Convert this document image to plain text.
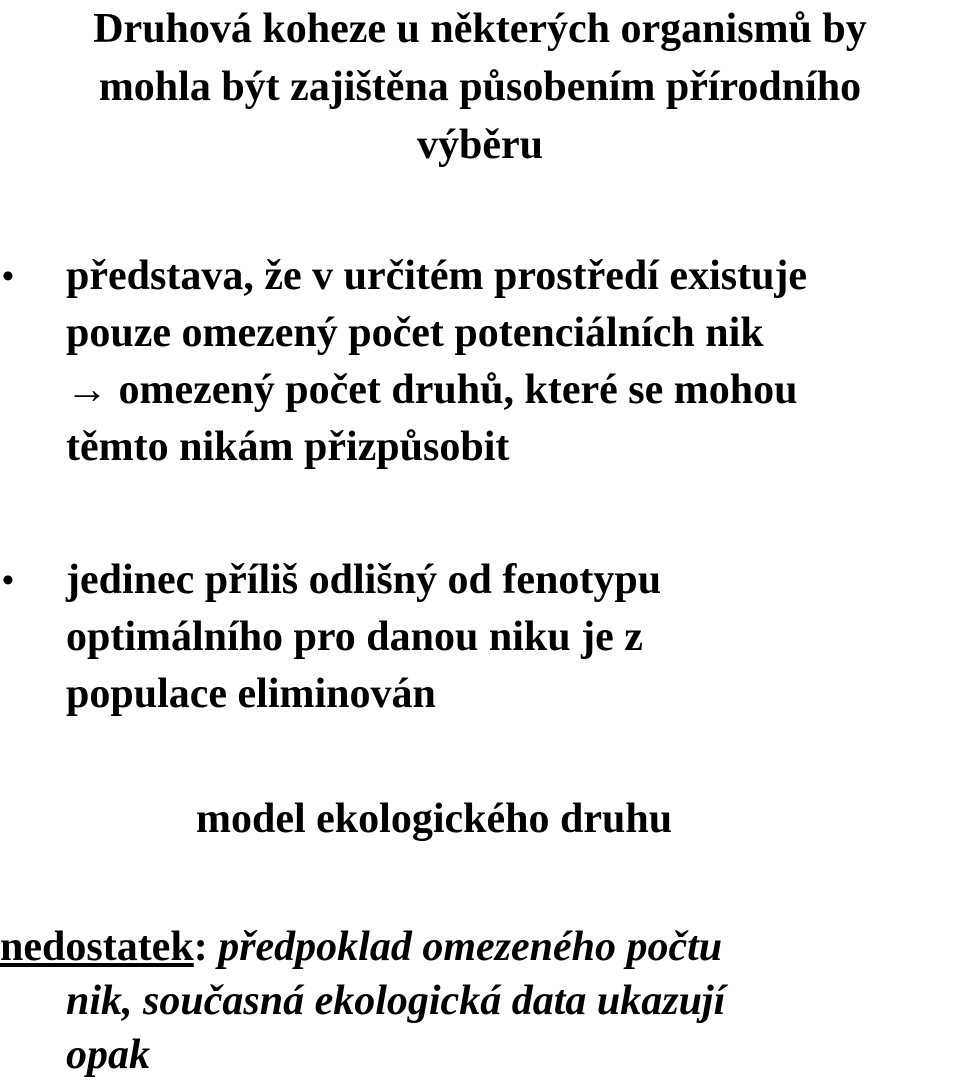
Druhová koheze u některých organismů by
mohla být zajištěna působením přírodního
výběru
• představa, že v určitém prostředí existuje
pouze omezený počet potenciálních nik
→ omezený počet druhů, které se mohou
těmto nikám přizpůsobit
• jedinec příliš odlišný od fenotypu
optimálního pro danou niku je z
populace eliminován
model ekologického druhu
nedostatek: předpoklad omezeného počtu
nik, současná ekologická data ukazují
opak
